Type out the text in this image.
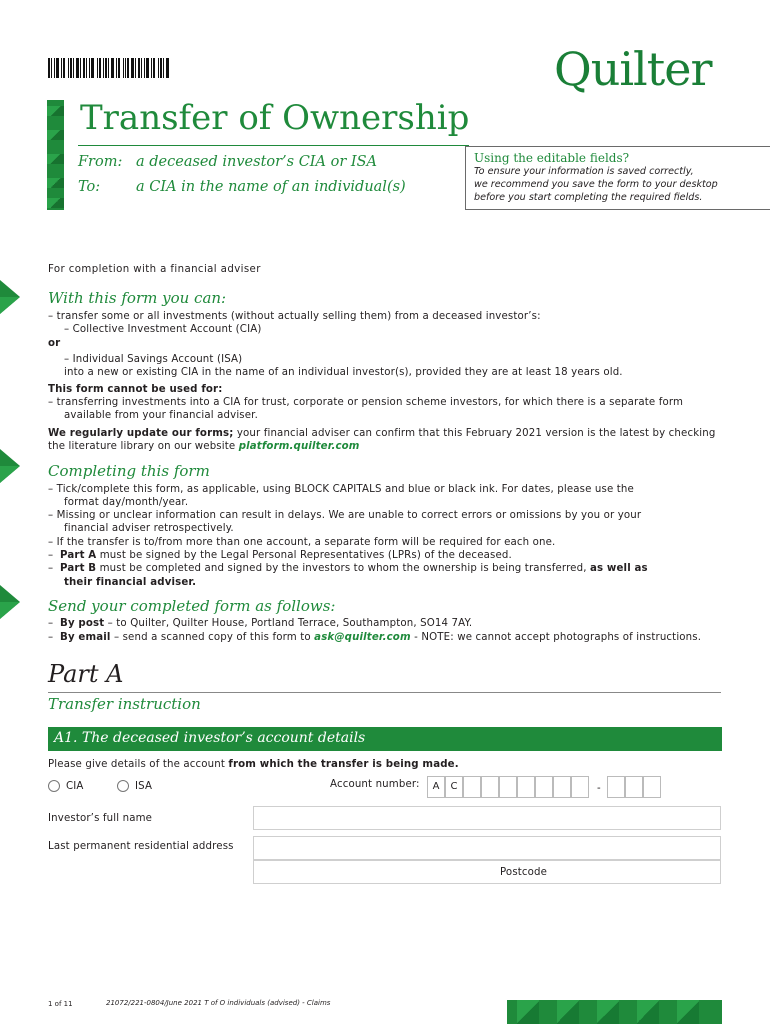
Quilter
Transfer of Ownership
From: a deceased investor’s CIA or ISA
To: a CIA in the name of an individual(s)
Using the editable fields?
To ensure your information is saved correctly,
we recommend you save the form to your desktop
before you start completing the required fields.
For completion with a financial adviser
With this form you can:
– transfer some or all investments (without actually selling them) from a deceased investor’s:
– Collective Investment Account (CIA)
or
– Individual Savings Account (ISA)
into a new or existing CIA in the name of an individual investor(s), provided they are at least 18 years old.
This form cannot be used for:
– transferring investments into a CIA for trust, corporate or pension scheme investors, for which there is a separate form
available from your financial adviser.
We regularly update our forms; your financial adviser can confirm that this February 2021 version is the latest by checking
the literature library on our website platform.quilter.com
Completing this form
– Tick/complete this form, as applicable, using BLOCK CAPITALS and blue or black ink. For dates, please use the
format day/month/year.
– Missing or unclear information can result in delays. We are unable to correct errors or omissions by you or your
financial adviser retrospectively.
– If the transfer is to/from more than one account, a separate form will be required for each one.
–  Part A must be signed by the Legal Personal Representatives (LPRs) of the deceased.
–  Part B must be completed and signed by the investors to whom the ownership is being transferred, as well as
their financial adviser.
Send your completed form as follows:
–  By post – to Quilter, Quilter House, Portland Terrace, Southampton, SO14 7AY.
–  By email – send a scanned copy of this form to ask@quilter.com - NOTE: we cannot accept photographs of instructions.
Part A
Transfer instruction
A1. The deceased investor’s account details
Please give details of the account from which the transfer is being made.
CIA	ISA	Account number:	A	C	-
Investor’s full name
Last permanent residential address
Postcode
1 of 11	21072/221-0804/June 2021 T of O individuals (advised) - Claims
